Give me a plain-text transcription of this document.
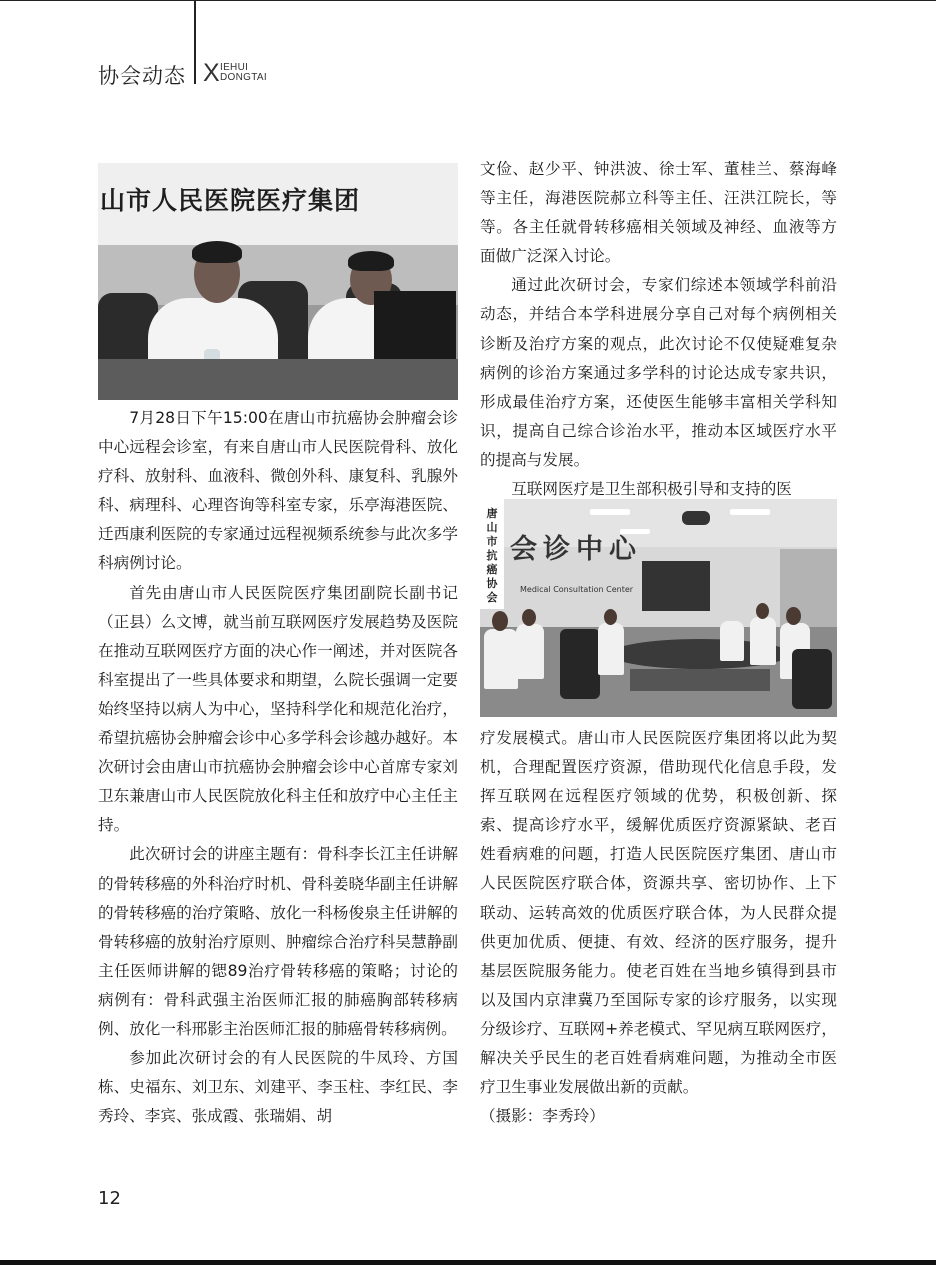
协会动态 X IEHUI
DONGTAI
山市人民医院医疗集团

7月28日下午15:00在唐山市抗癌协会肿瘤会诊中心远程会诊室，有来自唐山市人民医院骨科、放化疗科、放射科、血液科、微创外科、康复科、乳腺外科、病理科、心理咨询等科室专家，乐亭海港医院、迁西康利医院的专家通过远程视频系统参与此次多学科病例讨论。

首先由唐山市人民医院医疗集团副院长副书记（正县）么文博，就当前互联网医疗发展趋势及医院在推动互联网医疗方面的决心作一阐述，并对医院各科室提出了一些具体要求和期望，么院长强调一定要始终坚持以病人为中心，坚持科学化和规范化治疗，希望抗癌协会肿瘤会诊中心多学科会诊越办越好。本次研讨会由唐山市抗癌协会肿瘤会诊中心首席专家刘卫东兼唐山市人民医院放化科主任和放疗中心主任主持。

此次研讨会的讲座主题有：骨科李长江主任讲解的骨转移癌的外科治疗时机、骨科姜晓华副主任讲解的骨转移癌的治疗策略、放化一科杨俊泉主任讲解的骨转移癌的放射治疗原则、肿瘤综合治疗科吴慧静副主任医师讲解的锶89治疗骨转移癌的策略；讨论的病例有：骨科武强主治医师汇报的肺癌胸部转移病例、放化一科邢影主治医师汇报的肺癌骨转移病例。

参加此次研讨会的有人民医院的牛凤玲、方国栋、史福东、刘卫东、刘建平、李玉柱、李红民、李秀玲、李宾、张成霞、张瑞娟、胡

文俭、赵少平、钟洪波、徐士军、董桂兰、蔡海峰等主任，海港医院郝立科等主任、汪洪江院长，等等。各主任就骨转移癌相关领域及神经、血液等方面做广泛深入讨论。

通过此次研讨会，专家们综述本领域学科前沿动态，并结合本学科进展分享自己对每个病例相关诊断及治疗方案的观点，此次讨论不仅使疑难复杂病例的诊治方案通过多学科的讨论达成专家共识，形成最佳治疗方案，还使医生能够丰富相关学科知识，提高自己综合诊治水平，推动本区域医疗水平的提高与发展。

互联网医疗是卫生部积极引导和支持的医

唐山市抗癌协会
会诊中心
Medical Consultation Center

疗发展模式。唐山市人民医院医疗集团将以此为契机，合理配置医疗资源，借助现代化信息手段，发挥互联网在远程医疗领域的优势，积极创新、探索、提高诊疗水平，缓解优质医疗资源紧缺、老百姓看病难的问题，打造人民医院医疗集团、唐山市人民医院医疗联合体，资源共享、密切协作、上下联动、运转高效的优质医疗联合体，为人民群众提供更加优质、便捷、有效、经济的医疗服务，提升基层医院服务能力。使老百姓在当地乡镇得到县市以及国内京津冀乃至国际专家的诊疗服务，以实现分级诊疗、互联网+养老模式、罕见病互联网医疗，解决关乎民生的老百姓看病难问题，为推动全市医疗卫生事业发展做出新的贡献。

（摄影：李秀玲）

12
